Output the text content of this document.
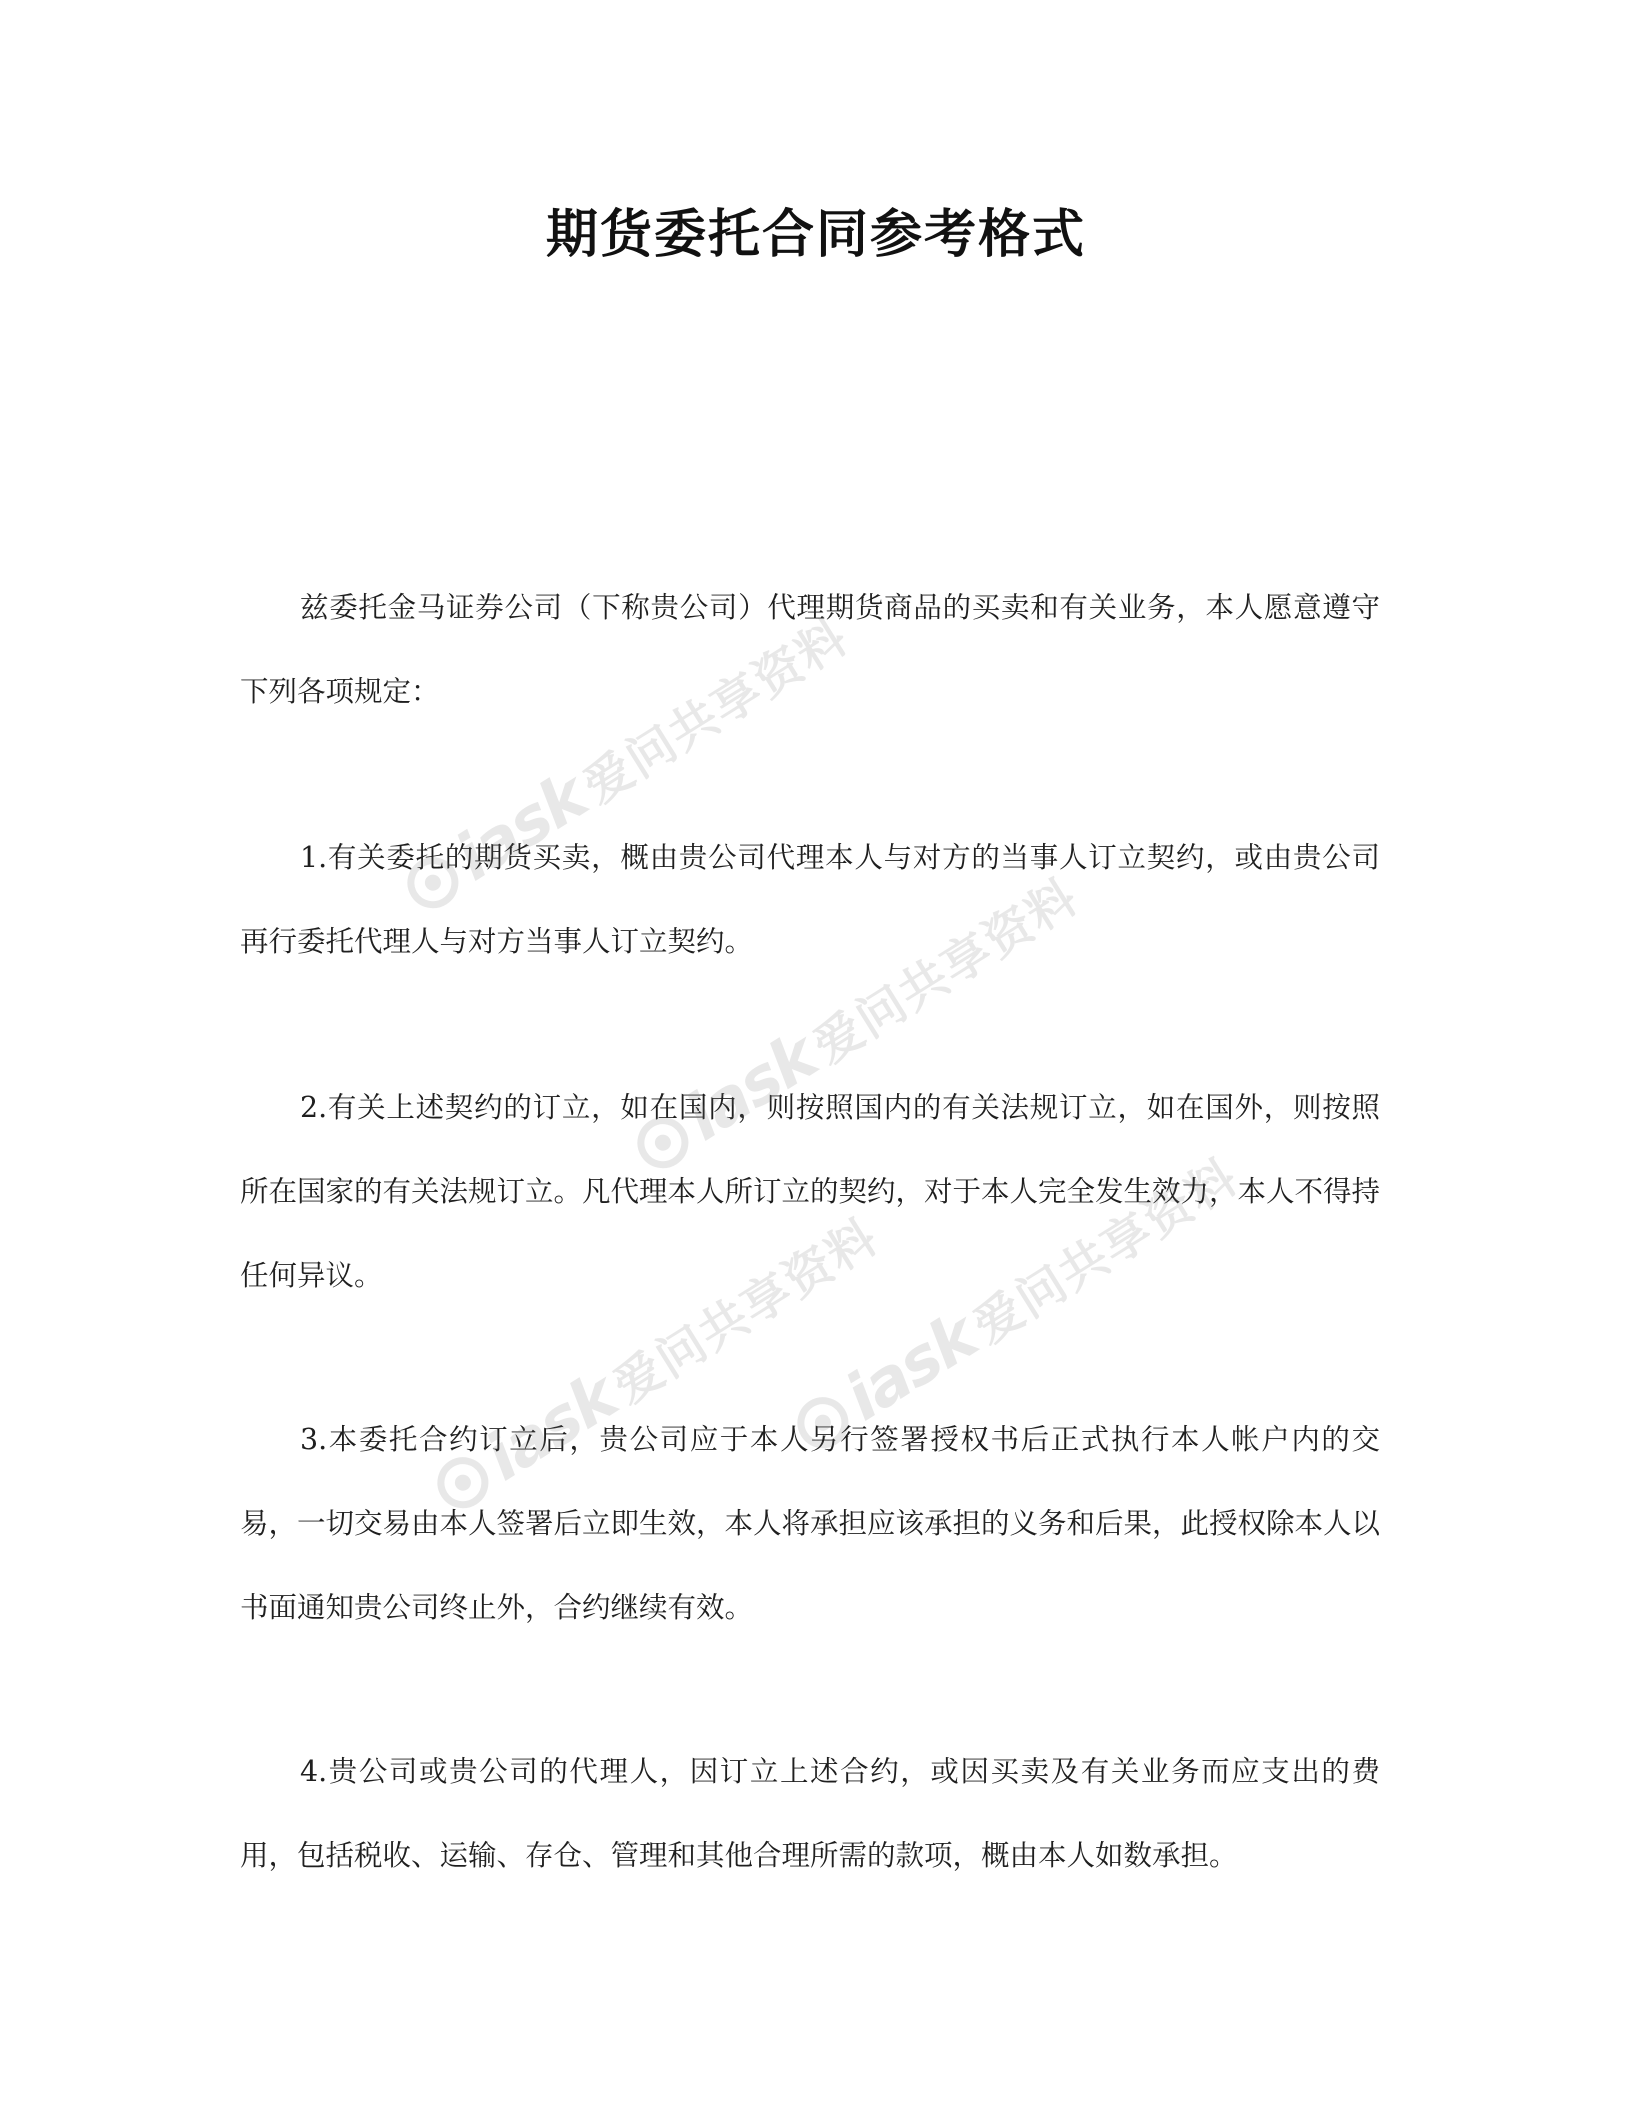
期货委托合同参考格式

兹委托金马证券公司（下称贵公司）代理期货商品的买卖和有关业务，本人愿意遵守下列各项规定：

1.有关委托的期货买卖，概由贵公司代理本人与对方的当事人订立契约，或由贵公司再行委托代理人与对方当事人订立契约。

2.有关上述契约的订立，如在国内，则按照国内的有关法规订立，如在国外，则按照所在国家的有关法规订立。凡代理本人所订立的契约，对于本人完全发生效力，本人不得持任何异议。

3.本委托合约订立后，贵公司应于本人另行签署授权书后正式执行本人帐户内的交易，一切交易由本人签署后立即生效，本人将承担应该承担的义务和后果，此授权除本人以书面通知贵公司终止外，合约继续有效。

4.贵公司或贵公司的代理人，因订立上述合约，或因买卖及有关业务而应支出的费用，包括税收、运输、存仓、管理和其他合理所需的款项，概由本人如数承担。

iask
爱问共享资料
iask
爱问共享资料
iask
爱问共享资料
iask
爱问共享资料
